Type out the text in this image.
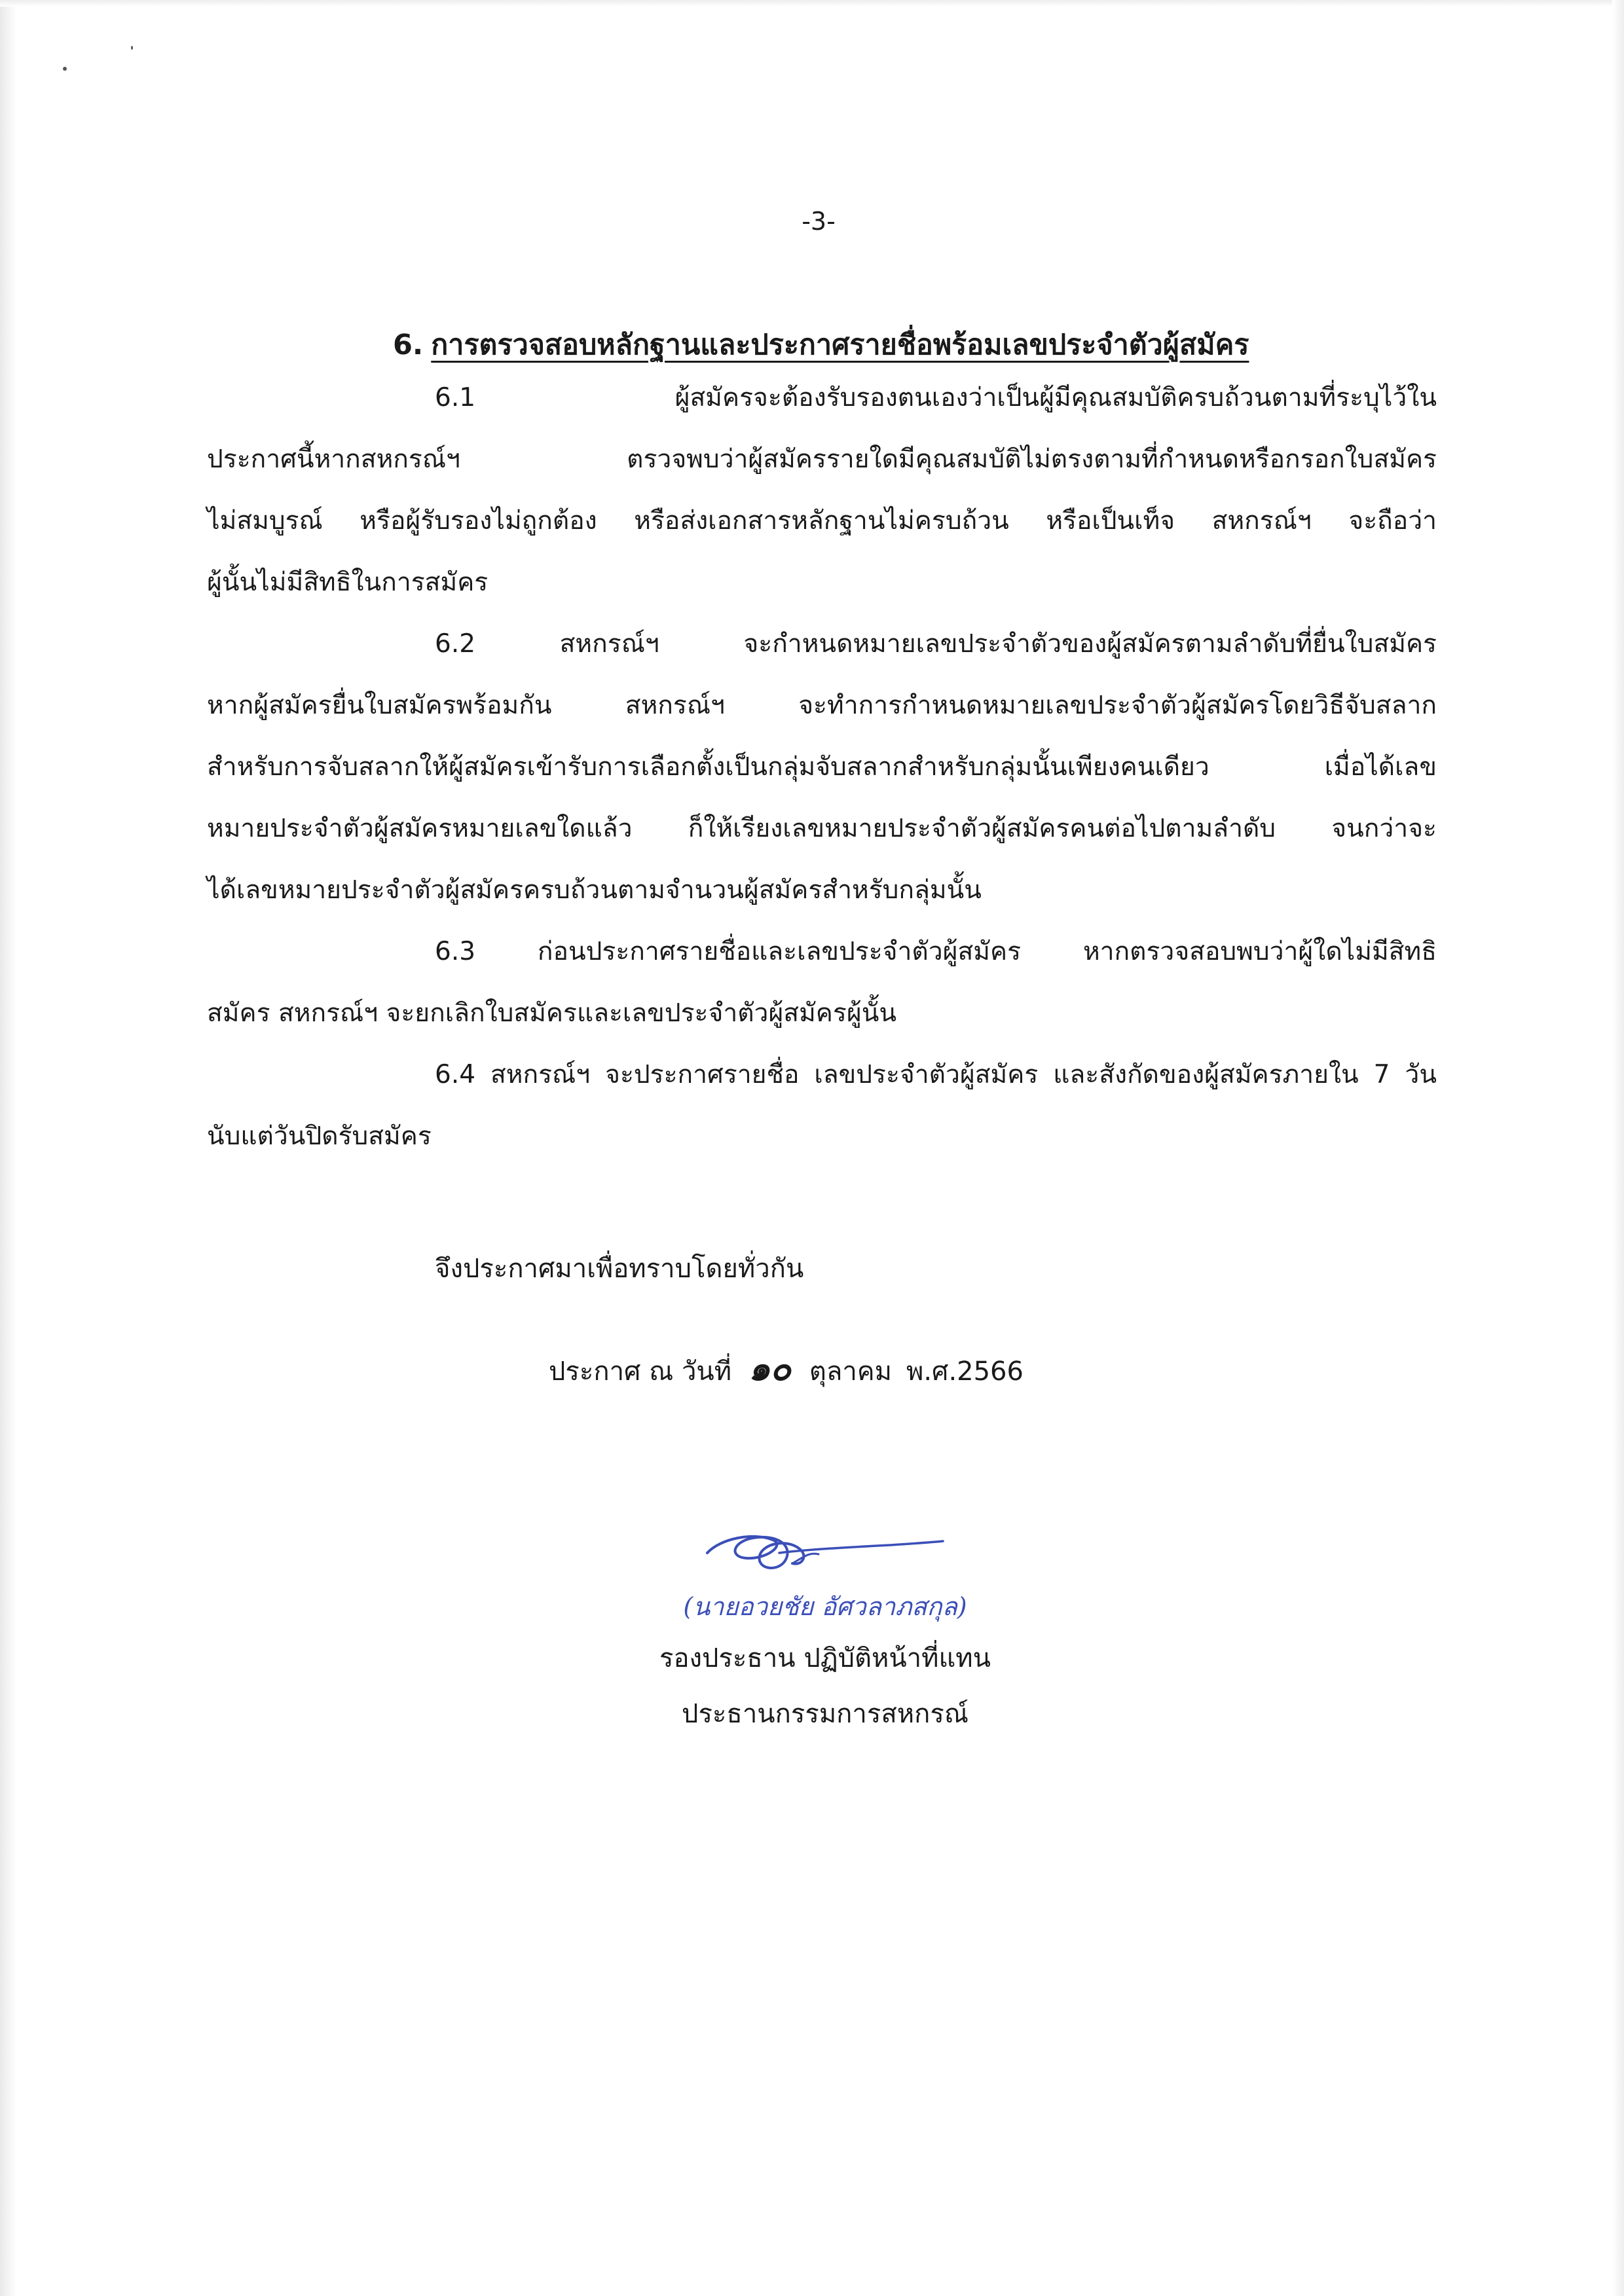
-3-
6. การตรวจสอบหลักฐานและประกาศรายชื่อพร้อมเลขประจำตัวผู้สมัคร
6.1 ผู้สมัครจะต้องรับรองตนเองว่าเป็นผู้มีคุณสมบัติครบถ้วนตามที่ระบุไว้ใน
ประกาศนี้หากสหกรณ์ฯ ตรวจพบว่าผู้สมัครรายใดมีคุณสมบัติไม่ตรงตามที่กำหนดหรือกรอกใบสมัคร
ไม่สมบูรณ์ หรือผู้รับรองไม่ถูกต้อง หรือส่งเอกสารหลักฐานไม่ครบถ้วน หรือเป็นเท็จ สหกรณ์ฯ จะถือว่า
ผู้นั้นไม่มีสิทธิในการสมัคร
6.2 สหกรณ์ฯ จะกำหนดหมายเลขประจำตัวของผู้สมัครตามลำดับที่ยื่นใบสมัคร
หากผู้สมัครยื่นใบสมัครพร้อมกัน สหกรณ์ฯ จะทำการกำหนดหมายเลขประจำตัวผู้สมัครโดยวิธีจับสลาก
สำหรับการจับสลากให้ผู้สมัครเข้ารับการเลือกตั้งเป็นกลุ่มจับสลากสำหรับกลุ่มนั้นเพียงคนเดียว เมื่อได้เลข
หมายประจำตัวผู้สมัครหมายเลขใดแล้ว ก็ให้เรียงเลขหมายประจำตัวผู้สมัครคนต่อไปตามลำดับ จนกว่าจะ
ได้เลขหมายประจำตัวผู้สมัครครบถ้วนตามจำนวนผู้สมัครสำหรับกลุ่มนั้น
6.3 ก่อนประกาศรายชื่อและเลขประจำตัวผู้สมัคร หากตรวจสอบพบว่าผู้ใดไม่มีสิทธิ
สมัคร สหกรณ์ฯ จะยกเลิกใบสมัครและเลขประจำตัวผู้สมัครผู้นั้น
6.4 สหกรณ์ฯ จะประกาศรายชื่อ เลขประจำตัวผู้สมัคร และสังกัดของผู้สมัครภายใน 7 วัน
นับแต่วันปิดรับสมัคร
จึงประกาศมาเพื่อทราบโดยทั่วกัน
ประกาศ ณ วันที่ ๑๐ ตุลาคม พ.ศ.2566
(นายอวยชัย อัศวลาภสกุล)
รองประธาน ปฏิบัติหน้าที่แทน
ประธานกรรมการสหกรณ์
